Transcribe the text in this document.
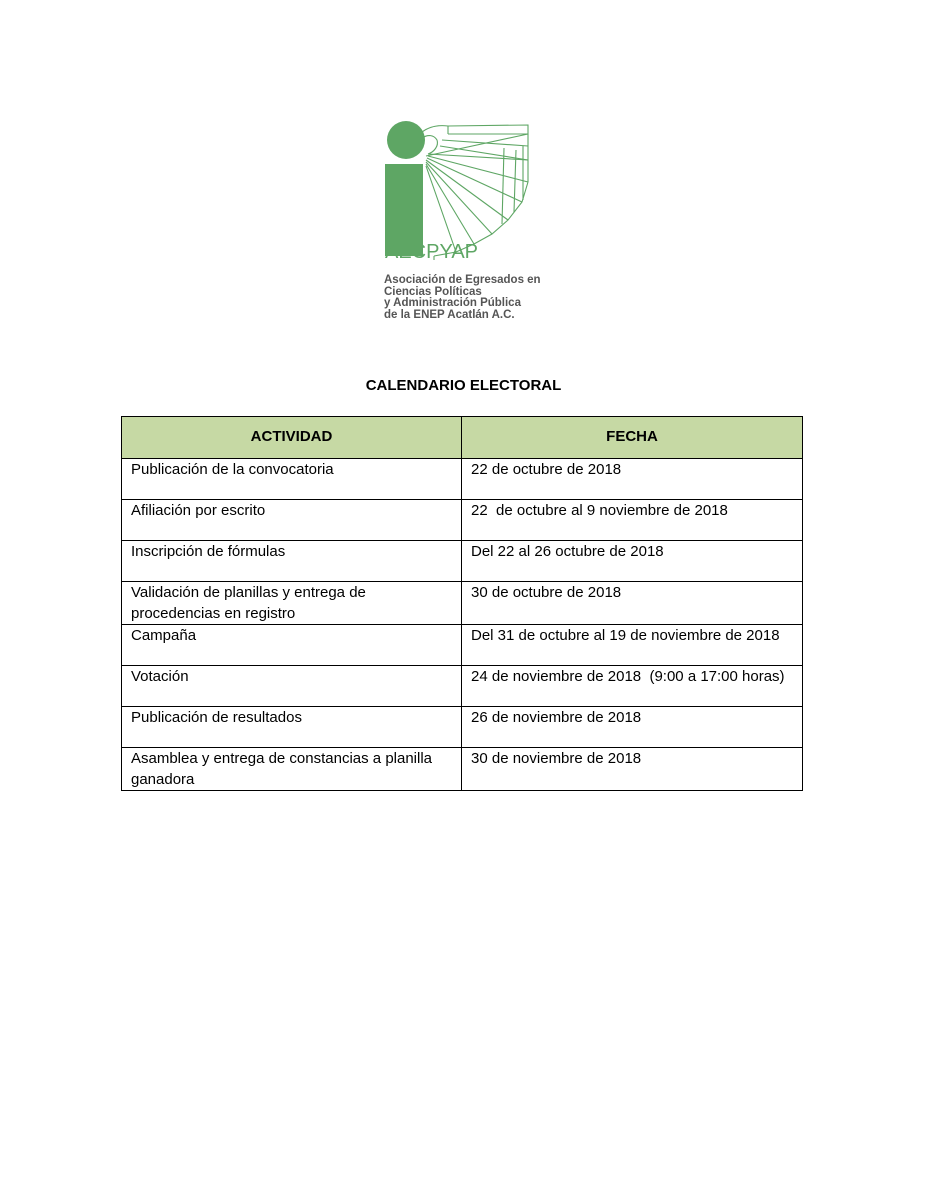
AECPYAP
Asociación de Egresados en
Ciencias Políticas
y Administración Pública
de la ENEP Acatlán A.C.
CALENDARIO ELECTORAL
ACTIVIDAD	FECHA
Publicación de la convocatoria	22 de octubre de 2018
Afiliación por escrito	22  de octubre al 9 noviembre de 2018
Inscripción de fórmulas	Del 22 al 26 octubre de 2018
Validación de planillas y entrega de procedencias en registro	30 de octubre de 2018
Campaña	Del 31 de octubre al 19 de noviembre de 2018
Votación	24 de noviembre de 2018  (9:00 a 17:00 horas)
Publicación de resultados	26 de noviembre de 2018
Asamblea y entrega de constancias a planilla ganadora	30 de noviembre de 2018
